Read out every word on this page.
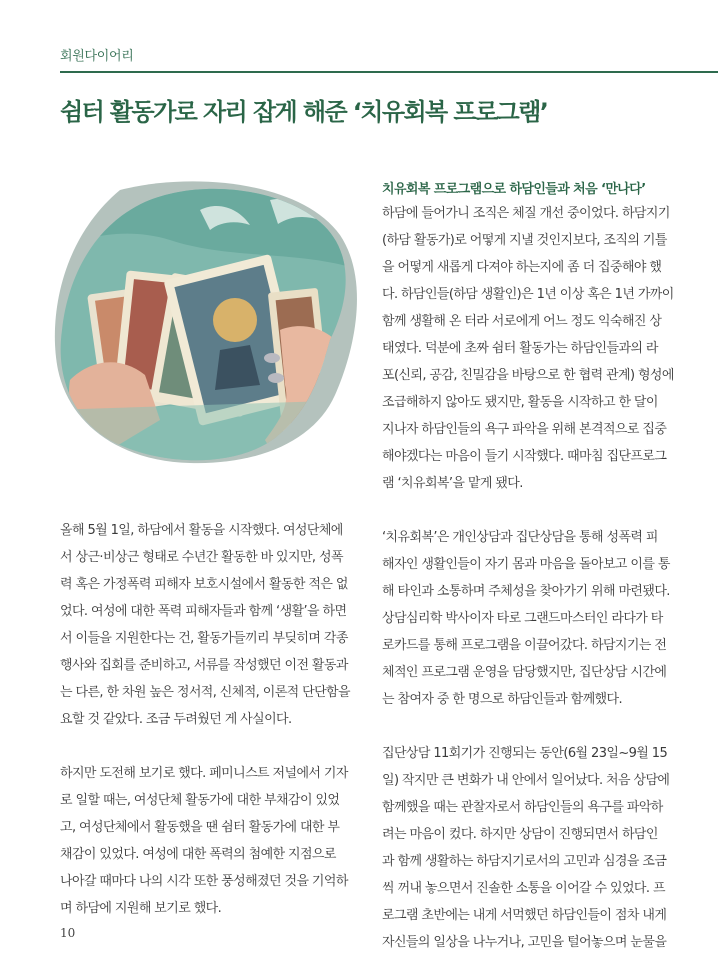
회원다이어리
쉼터 활동가로 자리 잡게 해준 ‘치유회복 프로그램’

올해 5월 1일, 하담에서 활동을 시작했다. 여성단체에

서 상근·비상근 형태로 수년간 활동한 바 있지만, 성폭

력 혹은 가정폭력 피해자 보호시설에서 활동한 적은 없

었다. 여성에 대한 폭력 피해자들과 함께 ‘생활’을 하면

서 이들을 지원한다는 건, 활동가들끼리 부딪히며 각종

행사와 집회를 준비하고, 서류를 작성했던 이전 활동과

는 다른, 한 차원 높은 정서적, 신체적, 이론적 단단함을

요할 것 같았다. 조금 두려웠던 게 사실이다.

하지만 도전해 보기로 했다. 페미니스트 저널에서 기자

로 일할 때는, 여성단체 활동가에 대한 부채감이 있었

고, 여성단체에서 활동했을 땐 쉼터 활동가에 대한 부

채감이 있었다. 여성에 대한 폭력의 첨예한 지점으로

나아갈 때마다 나의 시각 또한 풍성해졌던 것을 기억하

며 하담에 지원해 보기로 했다.

치유회복 프로그램으로 하담인들과 처음 ‘만나다’

하담에 들어가니 조직은 체질 개선 중이었다. 하담지기

(하담 활동가)로 어떻게 지낼 것인지보다, 조직의 기틀

을 어떻게 새롭게 다져야 하는지에 좀 더 집중해야 했

다. 하담인들(하담 생활인)은 1년 이상 혹은 1년 가까이

함께 생활해 온 터라 서로에게 어느 정도 익숙해진 상

태였다. 덕분에 초짜 쉼터 활동가는 하담인들과의 라

포(신뢰, 공감, 친밀감을 바탕으로 한 협력 관계) 형성에

조급해하지 않아도 됐지만, 활동을 시작하고 한 달이

지나자 하담인들의 욕구 파악을 위해 본격적으로 집중

해야겠다는 마음이 들기 시작했다. 때마침 집단프로그

램 ‘치유회복’을 맡게 됐다.

‘치유회복’은 개인상담과 집단상담을 통해 성폭력 피

해자인 생활인들이 자기 몸과 마음을 돌아보고 이를 통

해 타인과 소통하며 주체성을 찾아가기 위해 마련됐다.

상담심리학 박사이자 타로 그랜드마스터인 라다가 타

로카드를 통해 프로그램을 이끌어갔다. 하담지기는 전

체적인 프로그램 운영을 담당했지만, 집단상담 시간에

는 참여자 중 한 명으로 하담인들과 함께했다.

집단상담 11회기가 진행되는 동안(6월 23일~9월 15

일) 작지만 큰 변화가 내 안에서 일어났다. 처음 상담에

함께했을 때는 관찰자로서 하담인들의 욕구를 파악하

려는 마음이 컸다. 하지만 상담이 진행되면서 하담인

과 함께 생활하는 하담지기로서의 고민과 심경을 조금

씩 꺼내 놓으면서 진솔한 소통을 이어갈 수 있었다. 프

로그램 초반에는 내게 서먹했던 하담인들이 점차 내게

자신들의 일상을 나누거나, 고민을 털어놓으며 눈물을

10
